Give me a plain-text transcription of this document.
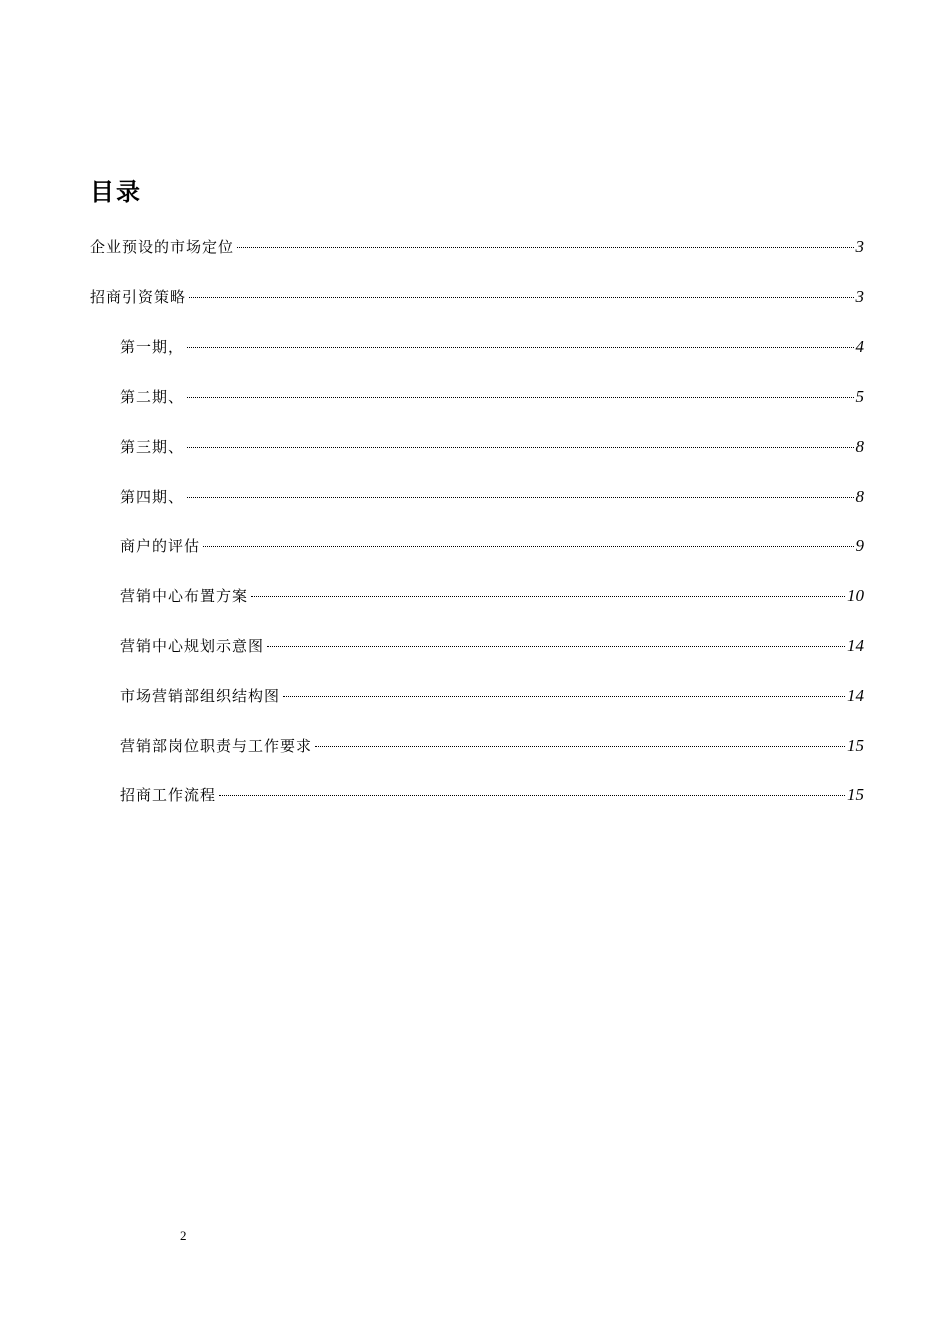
目录
企业预设的市场定位	3
招商引资策略	3
第一期，	4
第二期、	5
第三期、	8
第四期、	8
商户的评估	9
营销中心布置方案	10
营销中心规划示意图	14
市场营销部组织结构图	14
营销部岗位职责与工作要求	15
招商工作流程	15
2
